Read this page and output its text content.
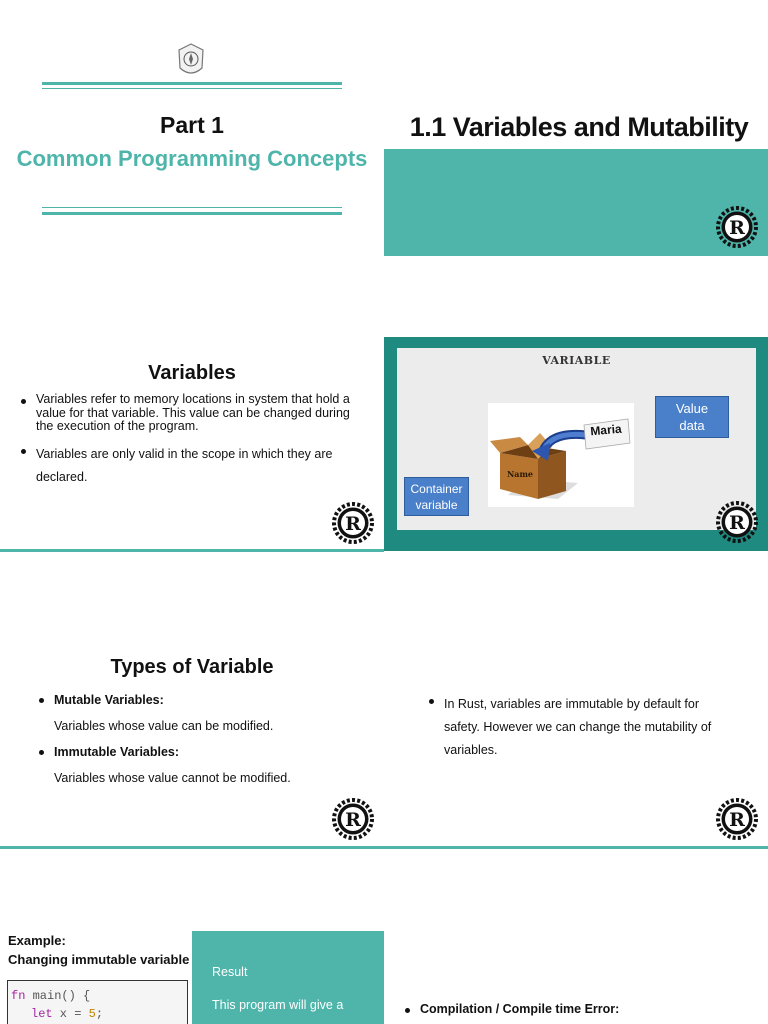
Part 1
Common Programming Concepts
1.1 Variables and Mutability
Variables
Variables refer to memory locations in system that hold a value for that variable. This value can be changed during the execution of the program.
Variables are only valid in the scope in which they are declared.
VARIABLE
Value data
Maria
Name
Container variable
Types of Variable
Mutable Variables:
Variables whose value can be modified.
Immutable Variables:
Variables whose value cannot be modified.
In Rust, variables are immutable by default for safety. However we can change the mutability of variables.
Example:
Changing immutable variable
fn main() {
let x = 5;
Result
This program will give a	Compilation / Compile time Error:
